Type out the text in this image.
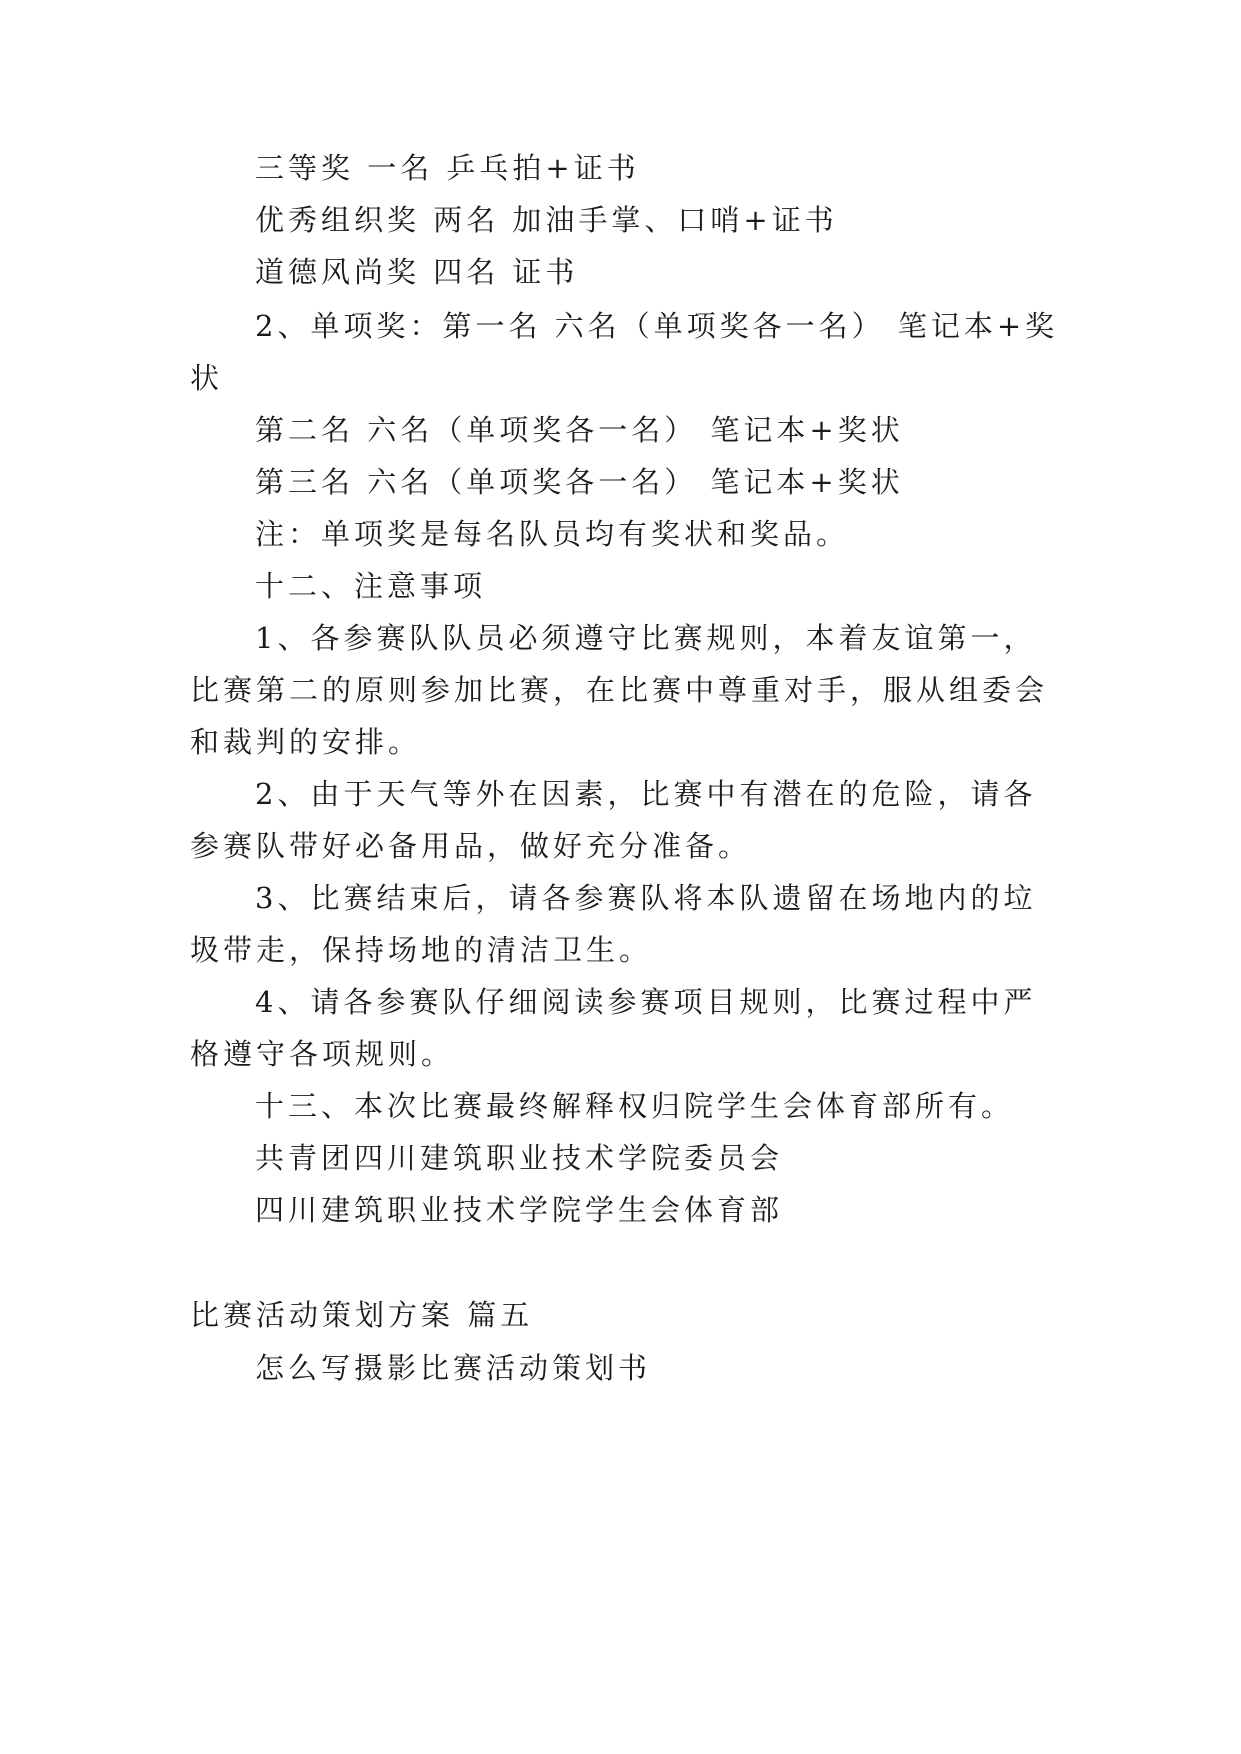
三等奖 一名 乒乓拍+证书

优秀组织奖 两名 加油手掌、口哨+证书

道德风尚奖 四名 证书

2、单项奖：第一名 六名（单项奖各一名） 笔记本+奖

状

第二名 六名（单项奖各一名） 笔记本+奖状

第三名 六名（单项奖各一名） 笔记本+奖状

注：单项奖是每名队员均有奖状和奖品。

十二、注意事项

1、各参赛队队员必须遵守比赛规则，本着友谊第一，

比赛第二的原则参加比赛，在比赛中尊重对手，服从组委会

和裁判的安排。

2、由于天气等外在因素，比赛中有潜在的危险，请各

参赛队带好必备用品，做好充分准备。

3、比赛结束后，请各参赛队将本队遗留在场地内的垃

圾带走，保持场地的清洁卫生。

4、请各参赛队仔细阅读参赛项目规则，比赛过程中严

格遵守各项规则。

十三、本次比赛最终解释权归院学生会体育部所有。

共青团四川建筑职业技术学院委员会

四川建筑职业技术学院学生会体育部

比赛活动策划方案 篇五

怎么写摄影比赛活动策划书
